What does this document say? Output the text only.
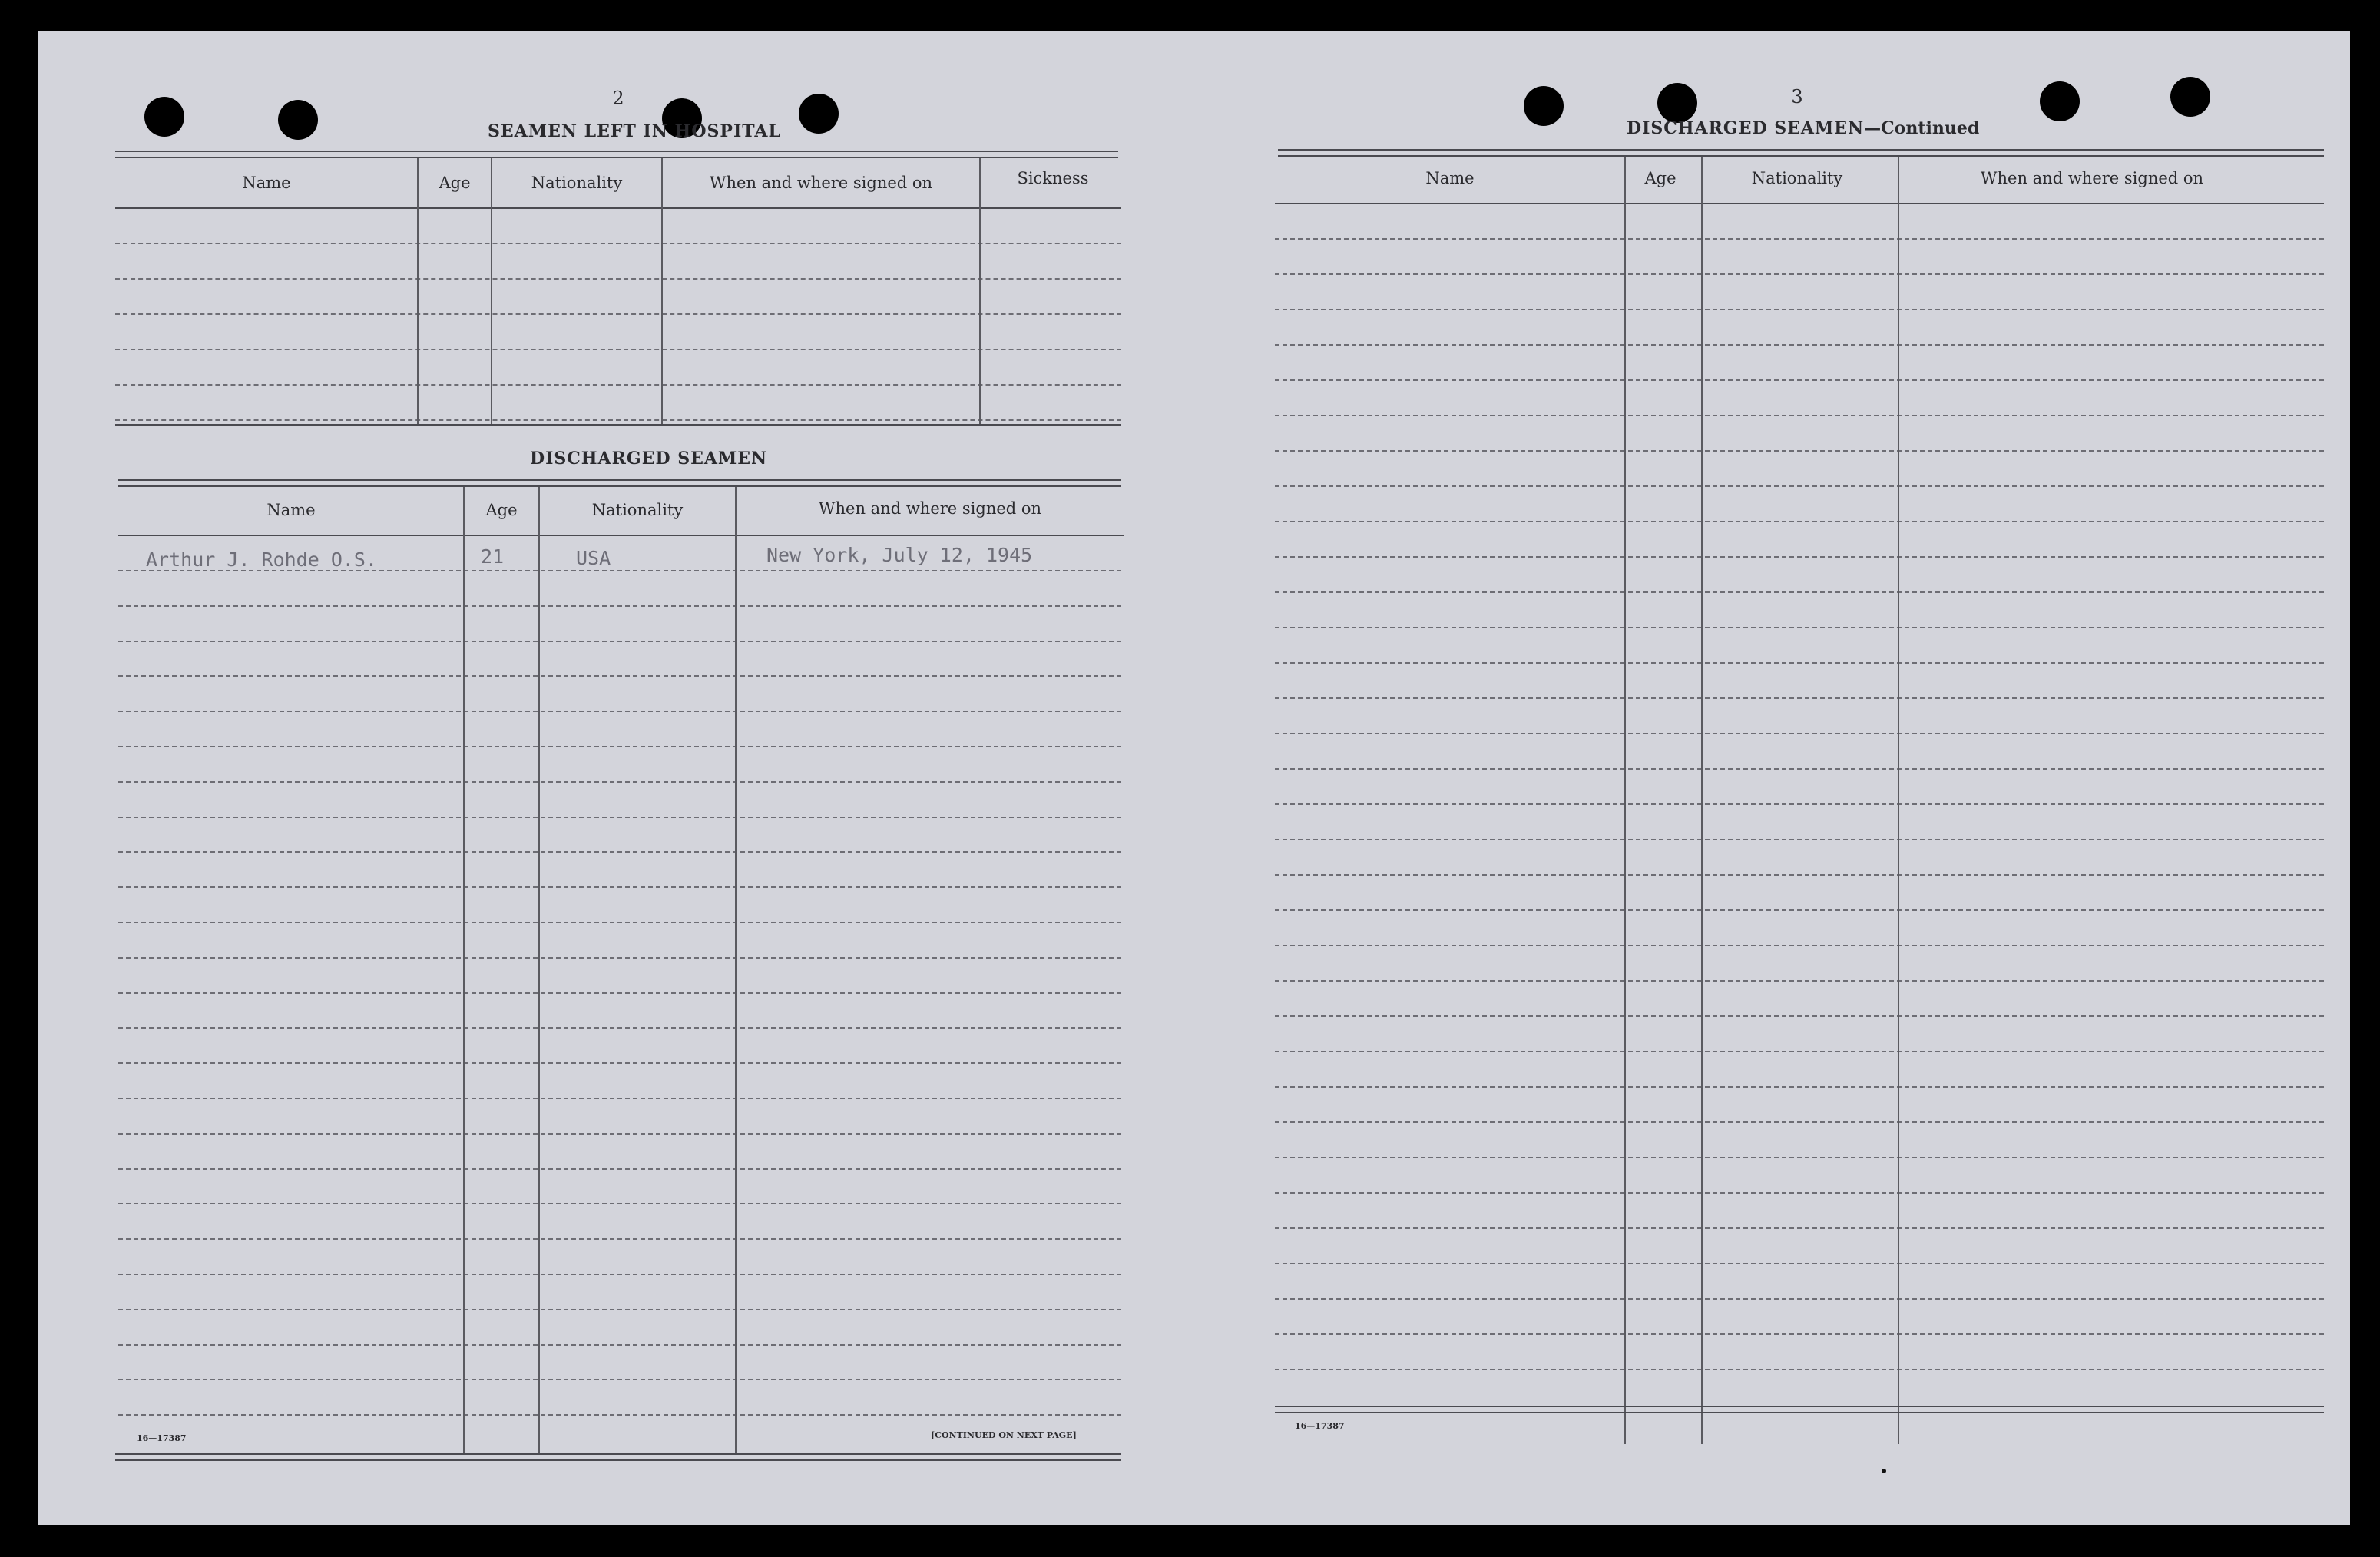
2
SEAMEN LEFT IN HOSPITAL
Name	Age	Nationality	When and where signed on	Sickness
DISCHARGED SEAMEN
Name	Age	Nationality	When and where signed on
Arthur J. Rohde O.S.	21	USA	New York, July 12, 1945
16—17387	[CONTINUED ON NEXT PAGE]
3
DISCHARGED SEAMEN—Continued
Name	Age	Nationality	When and where signed on
16—17387
